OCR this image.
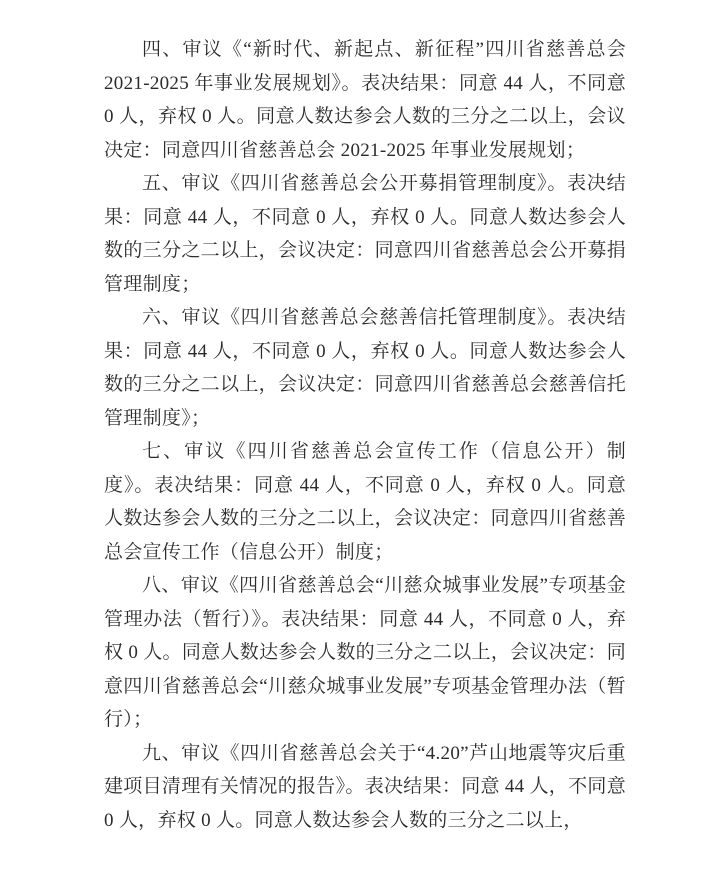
四、审议《“新时代、新起点、新征程”四川省慈善总会 2021-2025 年事业发展规划》。表决结果：同意 44 人，不同意 0 人，弃权 0 人。同意人数达参会人数的三分之二以上，会议决定：同意四川省慈善总会 2021-2025 年事业发展规划；

五、审议《四川省慈善总会公开募捐管理制度》。表决结果：同意 44 人，不同意 0 人，弃权 0 人。同意人数达参会人数的三分之二以上，会议决定：同意四川省慈善总会公开募捐管理制度；

六、审议《四川省慈善总会慈善信托管理制度》。表决结果：同意 44 人，不同意 0 人，弃权 0 人。同意人数达参会人数的三分之二以上，会议决定：同意四川省慈善总会慈善信托管理制度》；

七、审议《四川省慈善总会宣传工作（信息公开）制度》。表决结果：同意 44 人，不同意 0 人，弃权 0 人。同意人数达参会人数的三分之二以上，会议决定：同意四川省慈善总会宣传工作（信息公开）制度；

八、审议《四川省慈善总会“川慈众城事业发展”专项基金管理办法（暂行）》。表决结果：同意 44 人，不同意 0 人，弃权 0 人。同意人数达参会人数的三分之二以上，会议决定：同意四川省慈善总会“川慈众城事业发展”专项基金管理办法（暂行）；

九、审议《四川省慈善总会关于“4.20”芦山地震等灾后重建项目清理有关情况的报告》。表决结果：同意 44 人，不同意 0 人，弃权 0 人。同意人数达参会人数的三分之二以上，
